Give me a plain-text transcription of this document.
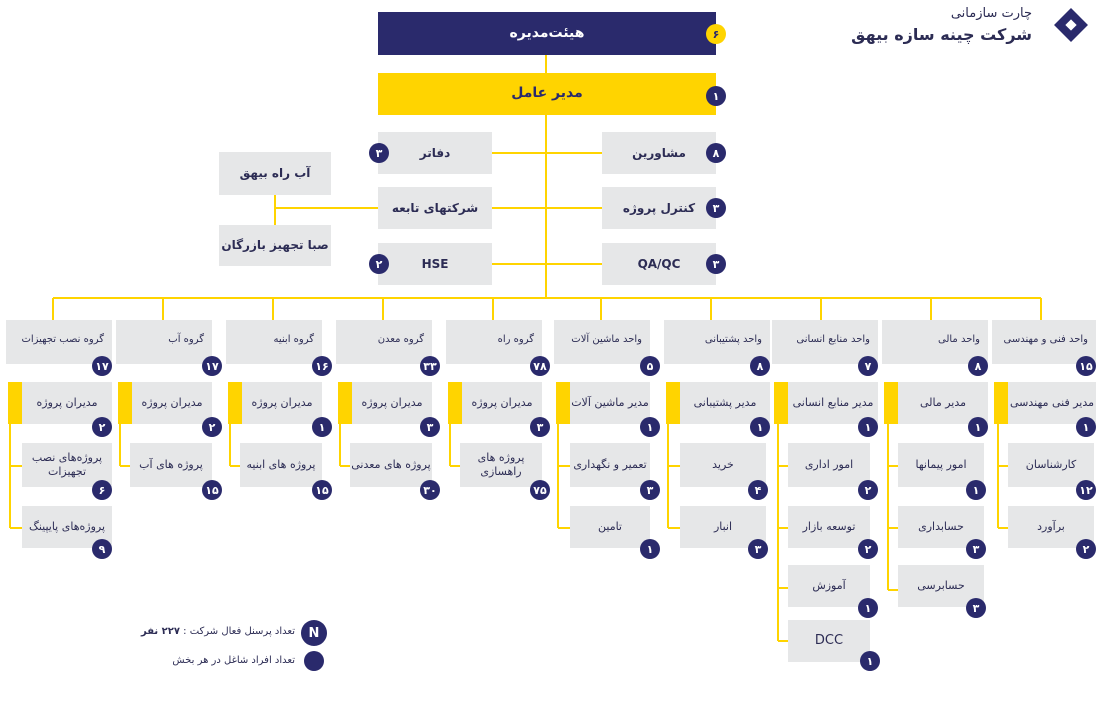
چارت سازمانی
شرکت چینه سازه بیهق
هیئت‌مدیره	۶
مدیر عامل	۱
دفاتر
۳	مشاورین	۸
شرکتهای تابعه	کنترل پروژه	۳
HSE
۲	QA/QC	۳
آب راه بیهق
صبا تجهیز بازرگان
گروه نصب تجهیزات
۱۷
مدیران پروژه
۲
پروژه‌های نصب تجهیزات
۶
پروژه‌های پایپینگ
۹
گروه آب
۱۷
مدیران پروژه
۲
پروژه های آب
۱۵
گروه ابنیه
۱۶
مدیران پروژه
۱
پروژه های ابنیه
۱۵
گروه معدن
۳۳
مدیران پروژه
۳
پروژه های معدنی
۳۰
گروه راه
۷۸
مدیران پروژه
۳
پروژه های راهسازی
۷۵
واحد ماشین آلات
۵
مدیر ماشین آلات
۱
تعمیر و نگهداری
۳
تامین
۱
واحد پشتیبانی
۸
مدیر پشتیبانی
۱
خرید
۴
انبار
۳
واحد منابع انسانی
۷
مدیر منابع انسانی
۱
امور اداری
۲
توسعه بازار
۲
آموزش
۱
DCC
۱
واحد مالی
۸
مدیر مالی
۱
امور پیمانها
۱
حسابداری
۳
حسابرسی
۳
واحد فنی و مهندسی
۱۵
مدیر فنی مهندسی
۱
کارشناسان
۱۲
برآورد
۲
N
تعداد پرسنل فعال شرکت : ۲۲۷ نفر
تعداد افراد شاغل در هر بخش
